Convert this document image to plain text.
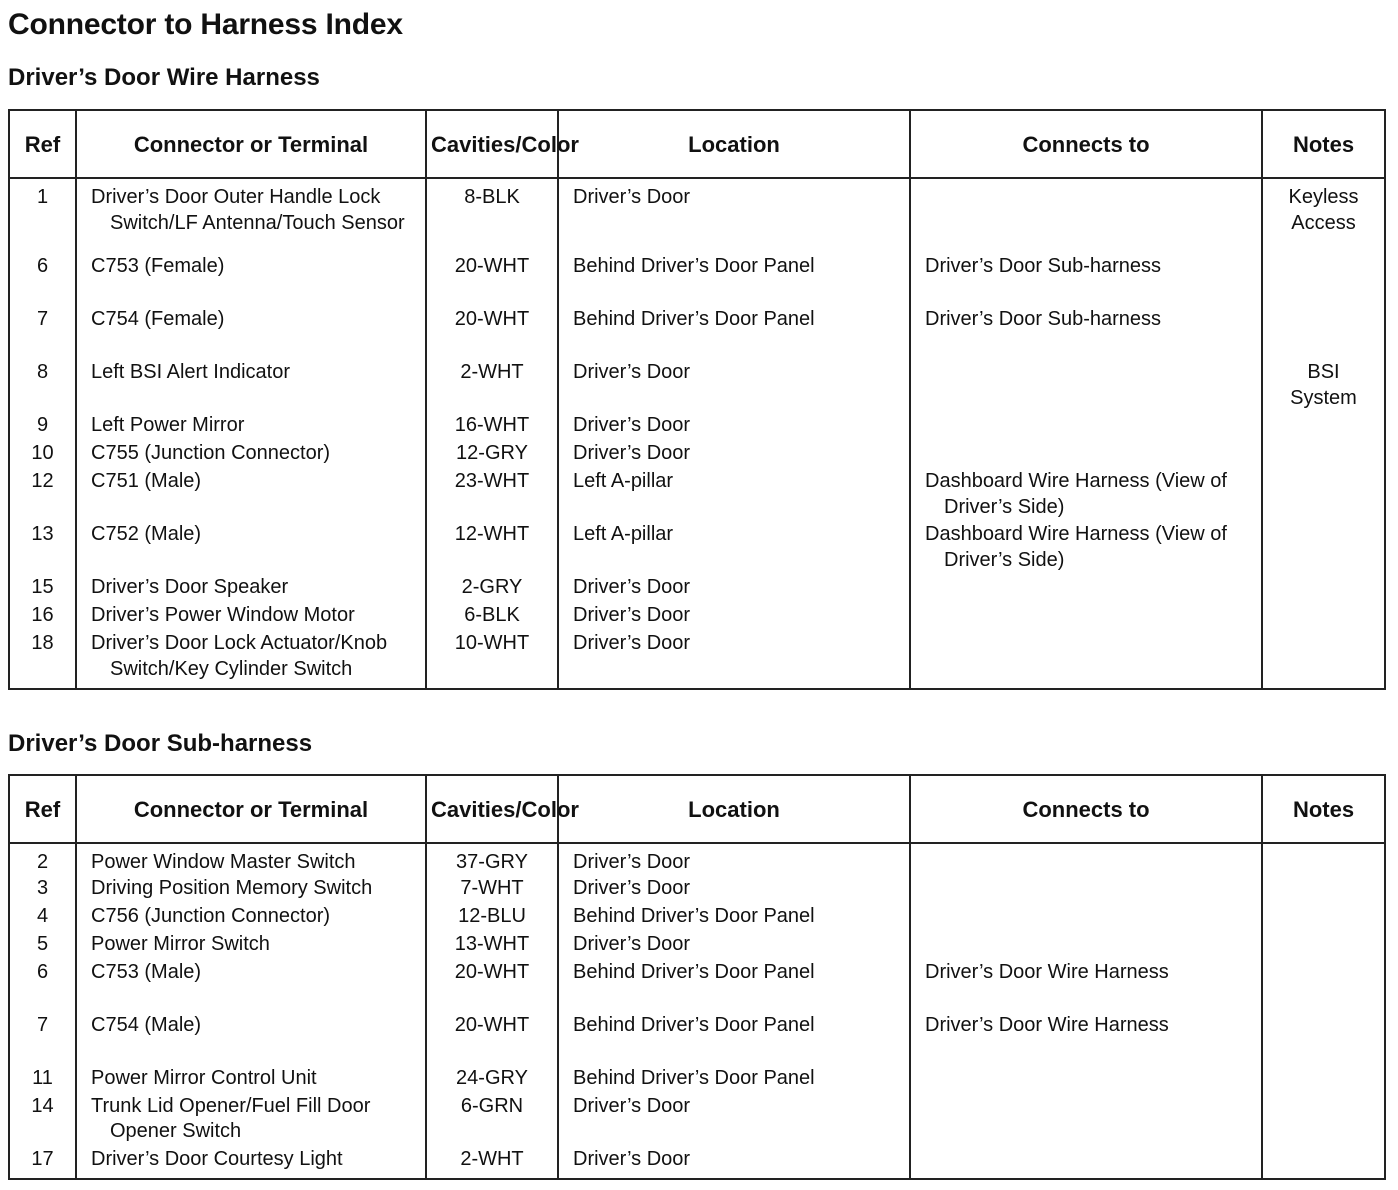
Connector to Harness Index
Driver’s Door Wire Harness
Ref	Connector or Terminal	Cavities/Color	Location	Connects to	Notes
1	Driver’s Door Outer Handle Lock Switch/LF Antenna/Touch Sensor	8-BLK	Driver’s Door		Keyless
Access

6	C753 (Female)	20-WHT	Behind Driver’s Door Panel	Driver’s Door Sub-harness	

7	C754 (Female)	20-WHT	Behind Driver’s Door Panel	Driver’s Door Sub-harness	

8	Left BSI Alert Indicator	2-WHT	Driver’s Door		BSI
System

9	Left Power Mirror	16-WHT	Driver’s Door	

10	C755 (Junction Connector)	12-GRY	Driver’s Door	

12	C751 (Male)	23-WHT	Left A-pillar	Dashboard Wire Harness (View of Driver’s Side)	

13	C752 (Male)	12-WHT	Left A-pillar	Dashboard Wire Harness (View of Driver’s Side)	

15	Driver’s Door Speaker	2-GRY	Driver’s Door	

16	Driver’s Power Window Motor	6-BLK	Driver’s Door	

18	Driver’s Door Lock Actuator/Knob Switch/Key Cylinder Switch	10-WHT	Driver’s Door	

Driver’s Door Sub-harness
Ref	Connector or Terminal	Cavities/Color	Location	Connects to	Notes
2	Power Window Master Switch	37-GRY	Driver’s Door	

3	Driving Position Memory Switch	7-WHT	Driver’s Door	

4	C756 (Junction Connector)	12-BLU	Behind Driver’s Door Panel	

5	Power Mirror Switch	13-WHT	Driver’s Door	

6	C753 (Male)	20-WHT	Behind Driver’s Door Panel	Driver’s Door Wire Harness	

7	C754 (Male)	20-WHT	Behind Driver’s Door Panel	Driver’s Door Wire Harness	

11	Power Mirror Control Unit	24-GRY	Behind Driver’s Door Panel	

14	Trunk Lid Opener/Fuel Fill Door Opener Switch	6-GRN	Driver’s Door	

17	Driver’s Door Courtesy Light	2-WHT	Driver’s Door	
